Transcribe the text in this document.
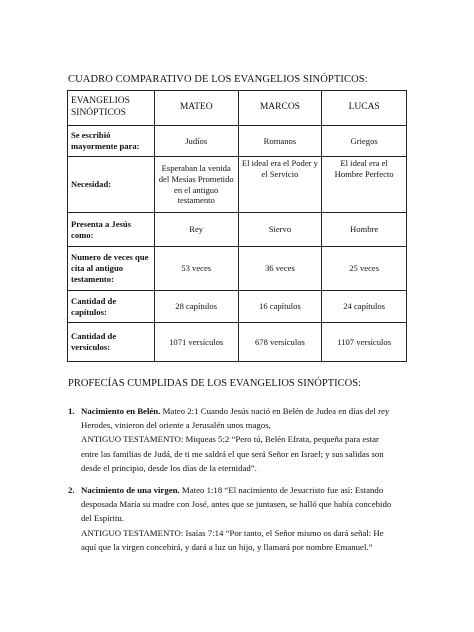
CUADRO COMPARATIVO DE LOS EVANGELIOS SINÓPTICOS:
EVANGELIOS SINÓPTICOS	MATEO	MARCOS	LUCAS
Se escribió mayormente para:	Judíos	Romanos	Griegos
Necesidad:	Esperaban la venida del Mesías Prometido en el antiguo testamento	El ideal era el Poder y el Servicio	El ideal era el Hombre Perfecto
Presenta a Jesús como:	Rey	Siervo	Hombre
Numero de veces que cita al antiguo testamento:	53 veces	36 veces	25 veces
Cantidad de capítulos:	28 capítulos	16 capítulos	24 capítulos
Cantidad de versículos:	1071 versículos	678 versículos	1107 versículos
PROFECÍAS CUMPLIDAS DE LOS EVANGELIOS SINÓPTICOS:
1. Nacimiento en Belén. Mateo 2:1 Cuando Jesús nació en Belén de Judea en días del rey
Herodes, vinieron del oriente a Jerusalén unos magos,
ANTIGUO TESTAMENTO: Miqueas 5:2 “Pero tú, Belén Efrata, pequeña para estar
entre las familias de Judá, de ti me saldrá el que será Señor en Israel; y sus salidas son
desde el principio, desde los días de la eternidad”.
2. Nacimiento de una virgen. Mateo 1:18 “El nacimiento de Jesucristo fue así: Estando
desposada María su madre con José, antes que se juntasen, se halló que había concebido
del Espíritu.
ANTIGUO TESTAMENTO: Isaías 7:14 “Por tanto, el Señor mismo os dará señal: He
aquí que la virgen concebirá, y dará a luz un hijo, y llamará por nombre Emanuel.”
